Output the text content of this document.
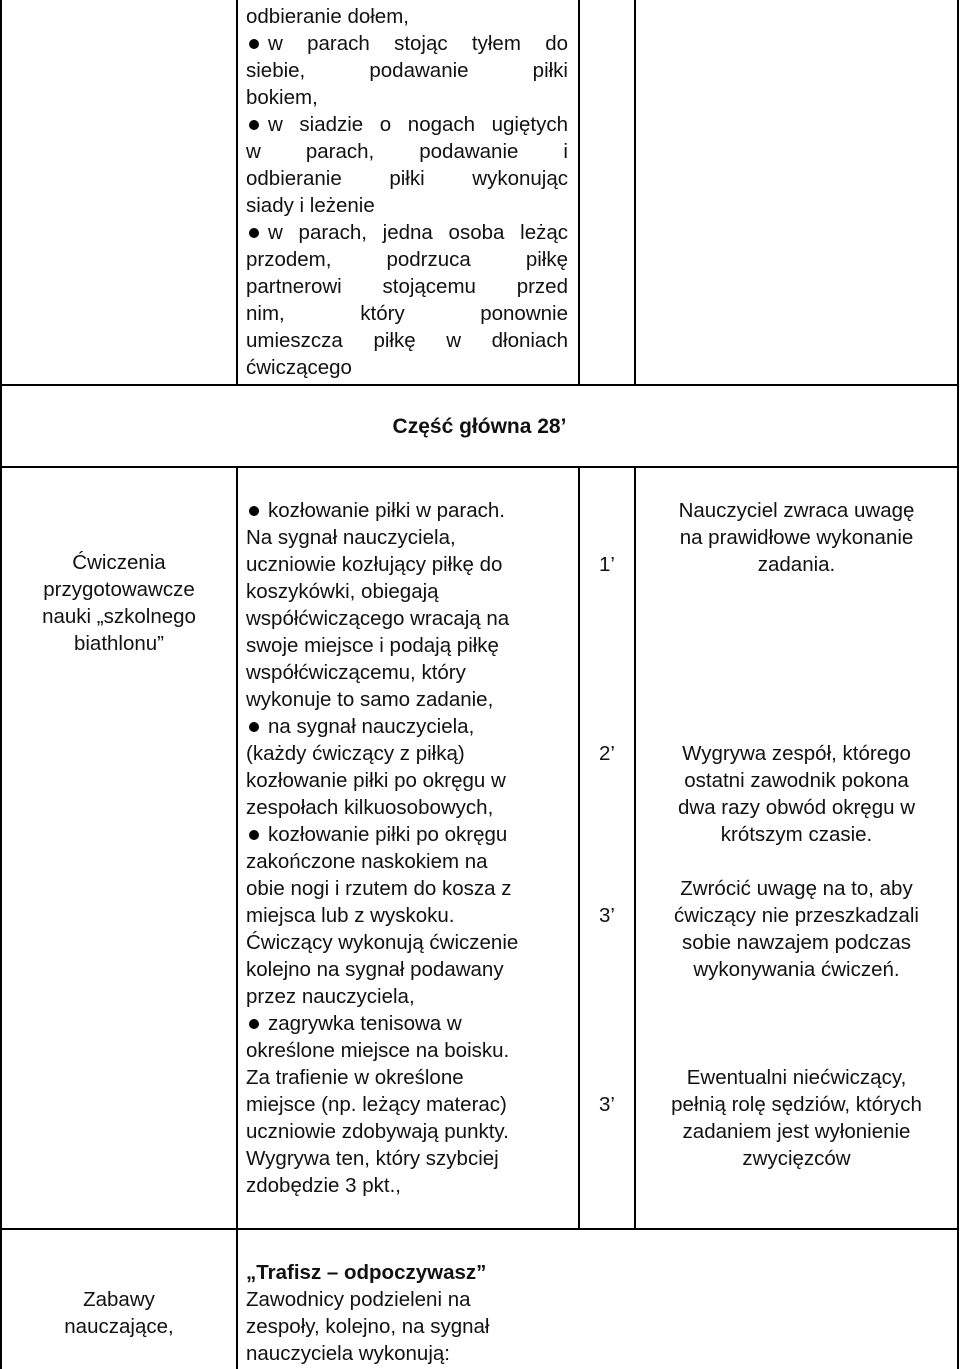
odbieranie dołem,
w parach stojąc tyłem do
siebie, podawanie piłki
bokiem,
w siadzie o nogach ugiętych
w parach, podawanie i
odbieranie piłki wykonując
siady i leżenie
w parach, jedna osoba leżąc
przodem, podrzuca piłkę
partnerowi stojącemu przed
nim, który ponownie
umieszcza piłkę w dłoniach
ćwiczącego
Część główna 28’
Ćwiczenia
przygotowawcze
nauki „szkolnego
biathlonu”
kozłowanie piłki w parach.
Na sygnał nauczyciela,
uczniowie kozłujący piłkę do
koszykówki, obiegają
współćwiczącego wracają na
swoje miejsce i podają piłkę
współćwiczącemu, który
wykonuje to samo zadanie,
na sygnał nauczyciela,
(każdy ćwiczący z piłką)
kozłowanie piłki po okręgu w
zespołach kilkuosobowych,
kozłowanie piłki po okręgu
zakończone naskokiem na
obie nogi i rzutem do kosza z
miejsca lub z wyskoku.
Ćwiczący wykonują ćwiczenie
kolejno na sygnał podawany
przez nauczyciela,
zagrywka tenisowa w
określone miejsce na boisku.
Za trafienie w określone
miejsce (np. leżący materac)
uczniowie zdobywają punkty.
Wygrywa ten, który szybciej
zdobędzie 3 pkt.,
1’
2’
3’
3’
Nauczyciel zwraca uwagę
na prawidłowe wykonanie
zadania.
Wygrywa zespół, którego
ostatni zawodnik pokona
dwa razy obwód okręgu w
krótszym czasie.
Zwrócić uwagę na to, aby
ćwiczący nie przeszkadzali
sobie nawzajem podczas
wykonywania ćwiczeń.
Ewentualni niećwiczący,
pełnią rolę sędziów, których
zadaniem jest wyłonienie
zwycięzców
Zabawy
nauczające,
„Trafisz – odpoczywasz”
Zawodnicy podzieleni na
zespoły, kolejno, na sygnał
nauczyciela wykonują:
